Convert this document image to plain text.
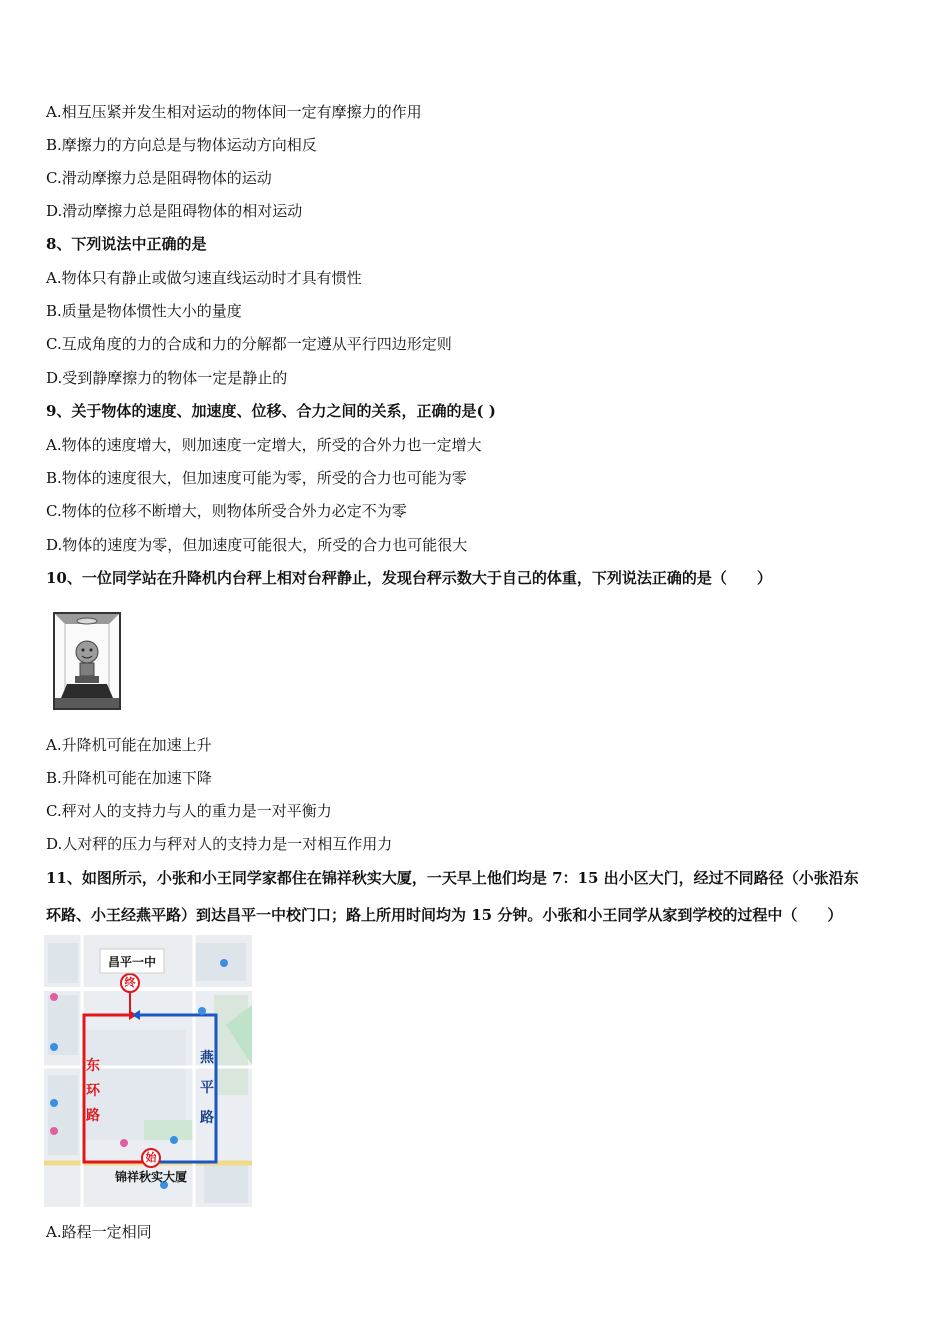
A.相互压紧并发生相对运动的物体间一定有摩擦力的作用
B.摩擦力的方向总是与物体运动方向相反
C.滑动摩擦力总是阻碍物体的运动
D.滑动摩擦力总是阻碍物体的相对运动
8、下列说法中正确的是
A.物体只有静止或做匀速直线运动时才具有惯性
B.质量是物体惯性大小的量度
C.互成角度的力的合成和力的分解都一定遵从平行四边形定则
D.受到静摩擦力的物体一定是静止的
9、关于物体的速度、加速度、位移、合力之间的关系，正确的是( )
A.物体的速度增大，则加速度一定增大，所受的合外力也一定增大
B.物体的速度很大，但加速度可能为零，所受的合力也可能为零
C.物体的位移不断增大，则物体所受合外力必定不为零
D.物体的速度为零，但加速度可能很大，所受的合力也可能很大
10、一位同学站在升降机内台秤上相对台秤静止，发现台秤示数大于自己的体重，下列说法正确的是（　　）
A.升降机可能在加速上升
B.升降机可能在加速下降
C.秤对人的支持力与人的重力是一对平衡力
D.人对秤的压力与秤对人的支持力是一对相互作用力
11、如图所示，小张和小王同学家都住在锦祥秋实大厦，一天早上他们均是 7：15 出小区大门，经过不同路径（小张沿东
环路、小王经燕平路）到达昌平一中校门口；路上所用时间均为 15 分钟。小张和小王同学从家到学校的过程中（　　）
昌平一中
终
始
锦祥秋实大厦
东
环
路
燕
平
路
A.路程一定相同
